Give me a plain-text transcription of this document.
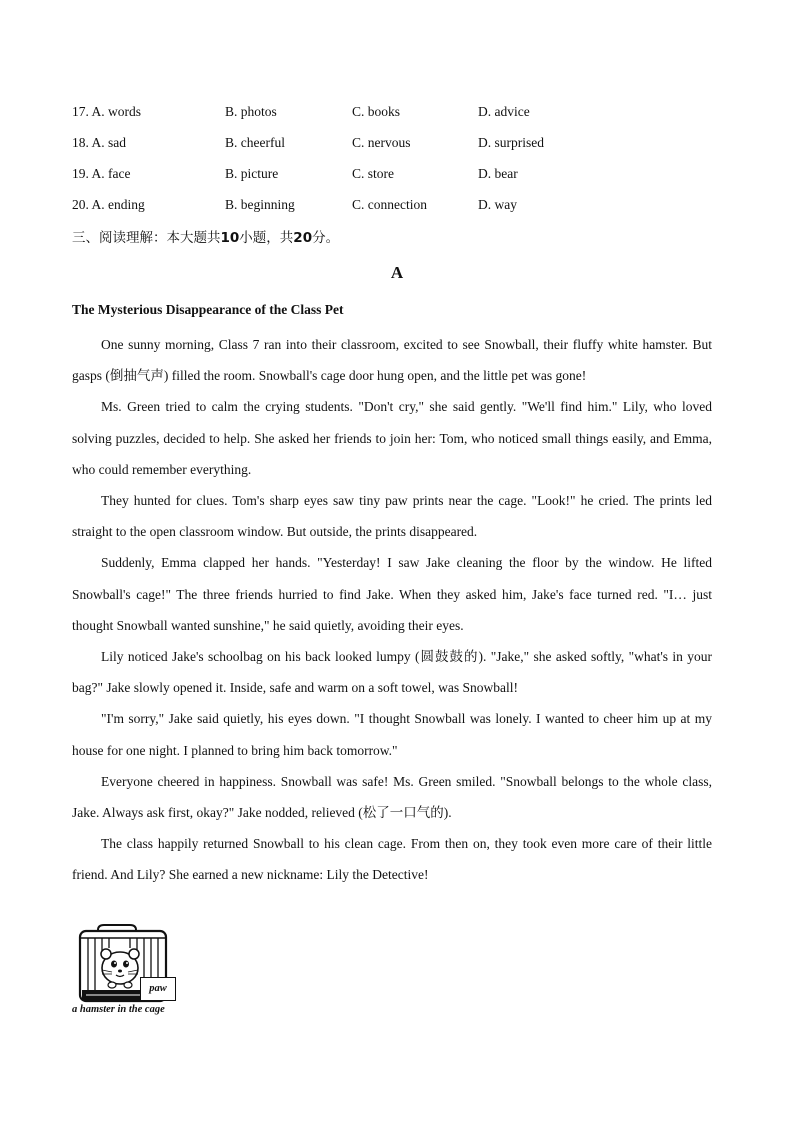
17. A. words	B. photos	C. books	D. advice
18. A. sad	B. cheerful	C. nervous	D. surprised
19. A. face	B. picture	C. store	D. bear
20. A. ending	B. beginning	C. connection	D. way
三、阅读理解：本大题共10小题，共20分。
A
The Mysterious Disappearance of the Class Pet

One sunny morning, Class 7 ran into their classroom, excited to see Snowball, their fluffy white hamster. But gasps (倒抽气声) filled the room. Snowball's cage door hung open, and the little pet was gone!

Ms. Green tried to calm the crying students. "Don't cry," she said gently. "We'll find him." Lily, who loved solving puzzles, decided to help. She asked her friends to join her: Tom, who noticed small things easily, and Emma, who could remember everything.

They hunted for clues. Tom's sharp eyes saw tiny paw prints near the cage. "Look!" he cried. The prints led straight to the open classroom window. But outside, the prints disappeared.

Suddenly, Emma clapped her hands. "Yesterday! I saw Jake cleaning the floor by the window. He lifted Snowball's cage!" The three friends hurried to find Jake. When they asked him, Jake's face turned red. "I… just thought Snowball wanted sunshine," he said quietly, avoiding their eyes.

Lily noticed Jake's schoolbag on his back looked lumpy (圆鼓鼓的). "Jake," she asked softly, "what's in your bag?" Jake slowly opened it. Inside, safe and warm on a soft towel, was Snowball!

"I'm sorry," Jake said quietly, his eyes down. "I thought Snowball was lonely. I wanted to cheer him up at my house for one night. I planned to bring him back tomorrow."

Everyone cheered in happiness. Snowball was safe! Ms. Green smiled. "Snowball belongs to the whole class, Jake. Always ask first, okay?" Jake nodded, relieved (松了一口气的).

The class happily returned Snowball to his clean cage. From then on, they took even more care of their little friend. And Lily? She earned a new nickname: Lily the Detective!

paw
a hamster in the cage
